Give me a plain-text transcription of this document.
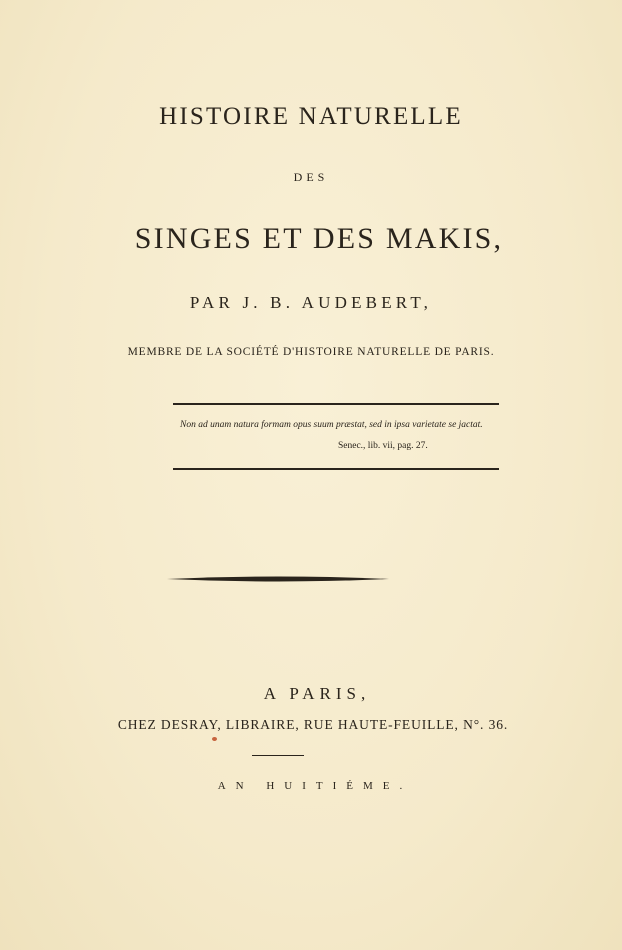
HISTOIRE NATURELLE
DES
SINGES ET DES MAKIS,
PAR J. B. AUDEBERT,
MEMBRE DE LA SOCIÉTÉ D'HISTOIRE NATURELLE DE PARIS.
Non ad unam natura formam opus suum præstat, sed in ipsa varietate se jactat.
Senec., lib. vii, pag. 27.
A PARIS,
CHEZ DESRAY, LIBRAIRE, RUE HAUTE-FEUILLE, N°. 36.
AN HUITIÉME.
